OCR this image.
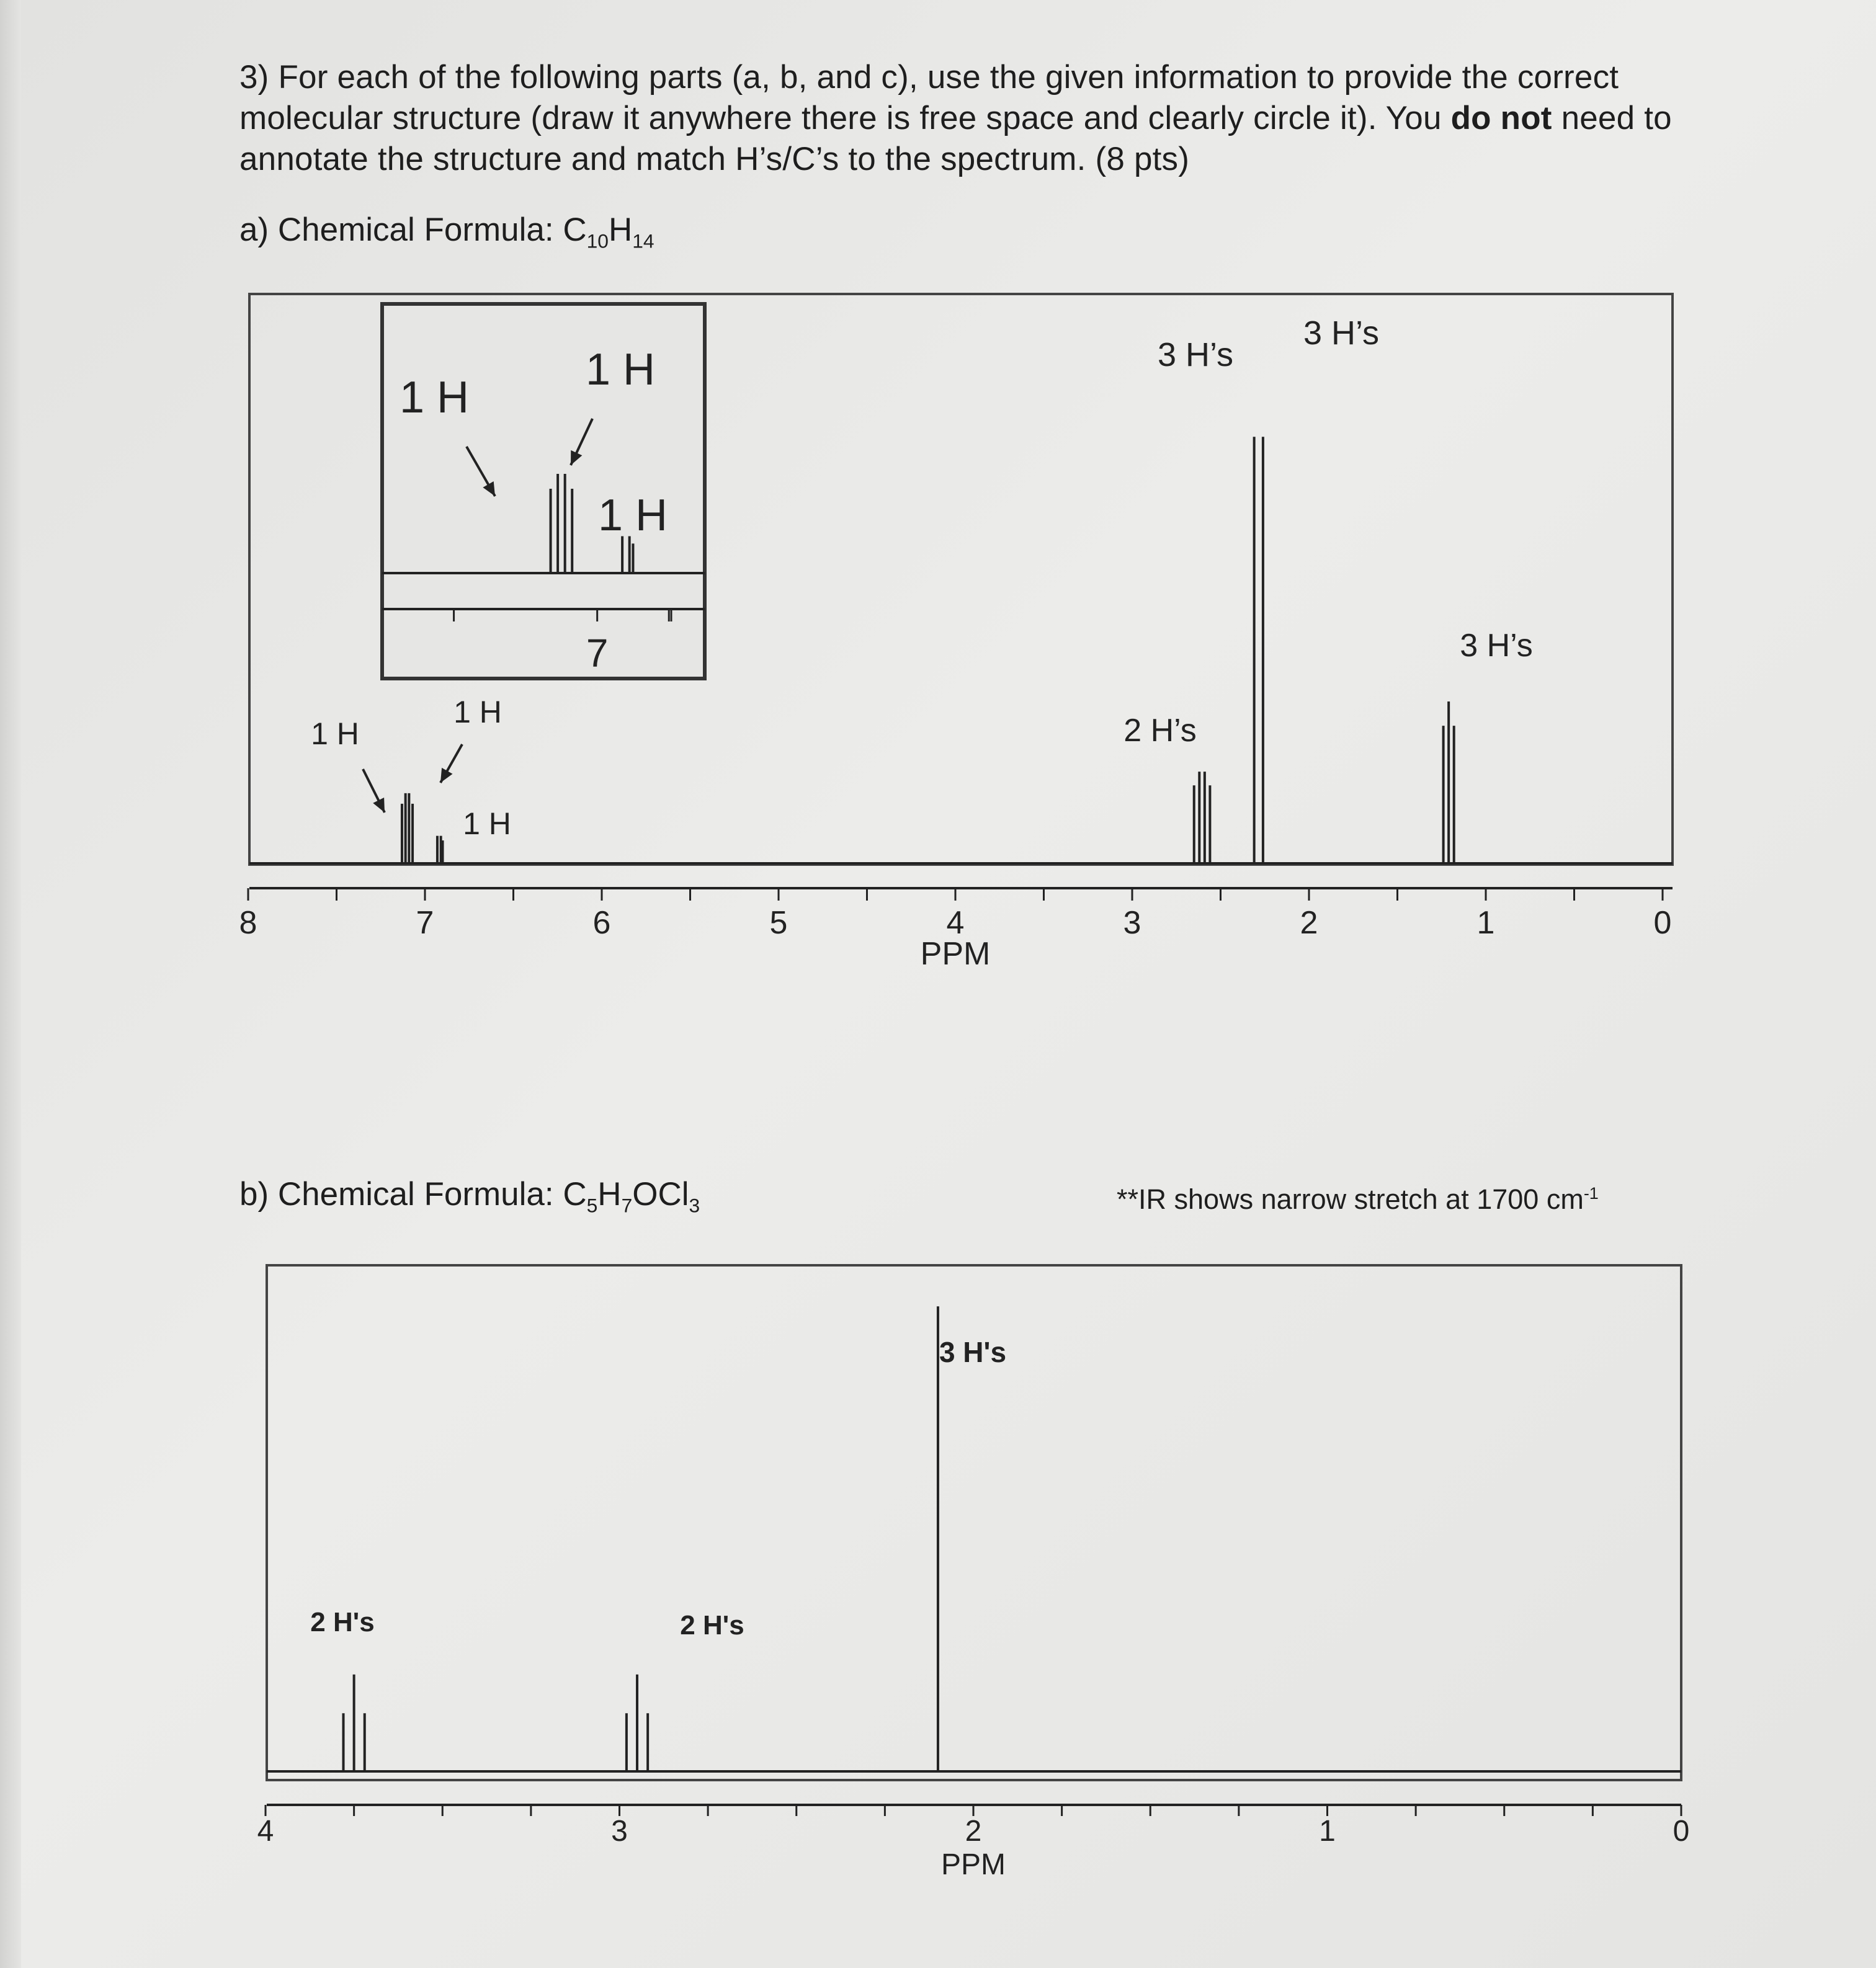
3) For each of the following parts (a, b, and c), use the given information to provide the correct molecular structure (draw it anywhere there is free space and clearly circle it). You do not need to annotate the structure and match H’s/C’s to the spectrum. (8 pts)
a) Chemical Formula: $C_{10}H_{14}$
b) Chemical Formula: $C_5H_7OCl_3$	**IR shows narrow stretch at 1700 $cm^{-1}$
8	7	6	5	4	3	2	1	0
PPM
1 H
1 H
1 H
2 H’s
3 H’s
3 H’s
3 H’s
7
1 H
1 H
1 H
4	3	2	1	0
PPM
2 H's	2 H's
3 H's
